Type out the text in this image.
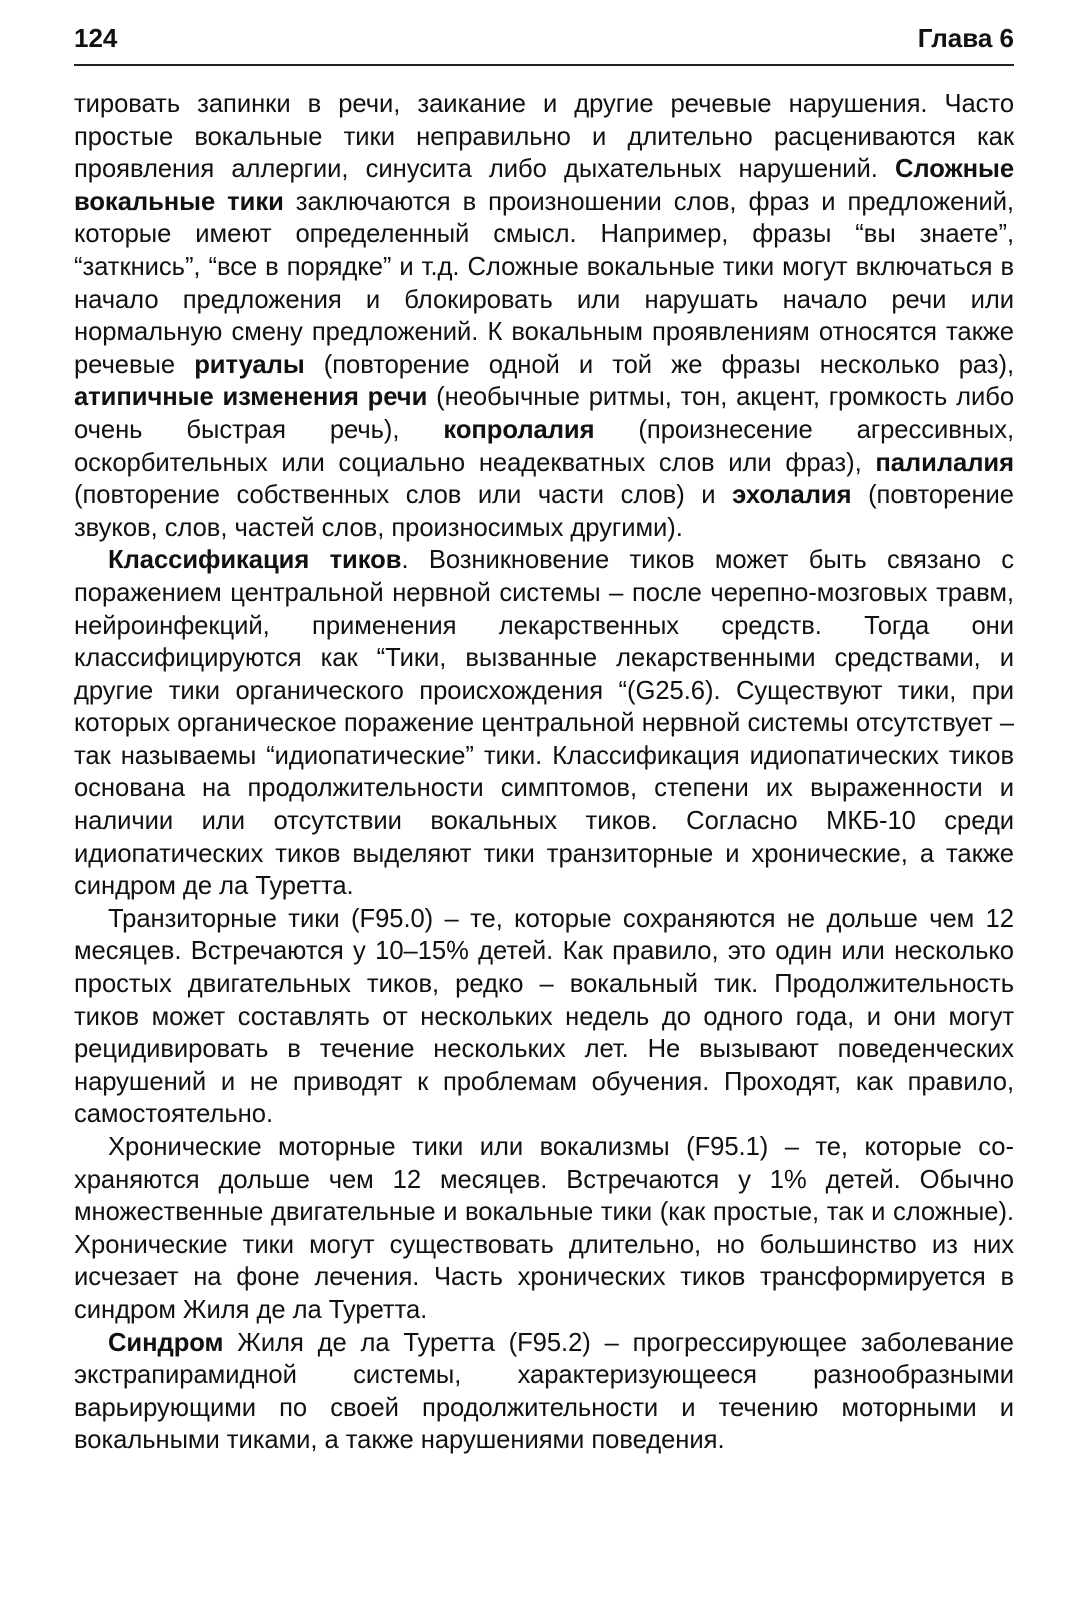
124	Глава 6

тировать запинки в речи, заикание и другие речевые нарушения. Часто простые вокальные тики неправильно и длительно расцениваются как проявления аллергии, синусита либо дыхательных нарушений. Сложные вокальные тики заключаются в произношении слов, фраз и предложений, которые имеют определенный смысл. Например, фразы “вы знаете”, “заткнись”, “все в порядке” и т.д. Сложные вокальные тики могут включаться в начало предложения и блокировать или нарушать начало речи или нормальную смену предложений. К вокальным проявлениям относятся также речевые ритуалы (повторение одной и той же фразы несколько раз), атипичные изменения речи (необычные ритмы, тон, акцент, громкость либо очень быстрая речь), копролалия (произнесение агрессивных, оскорбительных или социально неадекватных слов или фраз), палилалия (повторение собственных слов или части слов) и эхолалия (повторение звуков, слов, частей слов, произносимых другими).

Классификация тиков. Возникновение тиков может быть связано с поражением центральной нервной системы – после черепно-мозговых травм, нейроинфекций, применения лекарственных средств. Тогда они классифицируются как “Тики, вызванные лекарственными средствами, и другие тики органического происхождения “(G25.6). Существуют тики, при которых органическое поражение центральной нервной системы отсутствует – так называемы “идиопатические” тики. Классификация идиопатических тиков основана на продолжительности симптомов, степени их выраженности и наличии или отсутствии вокальных тиков. Согласно МКБ-10 среди идиопатических тиков выделяют тики транзиторные и хронические, а также синдром де ла Туретта.

Транзиторные тики (F95.0) – те, которые сохраняются не дольше чем 12 месяцев. Встречаются у 10–15% детей. Как правило, это один или несколько простых двигательных тиков, редко – вокальный тик. Продолжительность тиков может составлять от нескольких недель до одного года, и они могут рецидивировать в течение нескольких лет. Не вызывают поведенческих нарушений и не приводят к проблемам обучения. Проходят, как правило, самостоятельно.

Хронические моторные тики или вокализмы (F95.1) – те, которые сохраняются дольше чем 12 месяцев. Встречаются у 1% детей. Обычно множественные двигательные и вокальные тики (как простые, так и сложные). Хронические тики могут существовать длительно, но большинство из них исчезает на фоне лечения. Часть хронических тиков трансформируется в синдром Жиля де ла Туретта.

Синдром Жиля де ла Туретта (F95.2) – прогрессирующее заболевание экстрапирамидной системы, характеризующееся разнообразными варьирующими по своей продолжительности и течению моторными и вокальными тиками, а также нарушениями поведения.
